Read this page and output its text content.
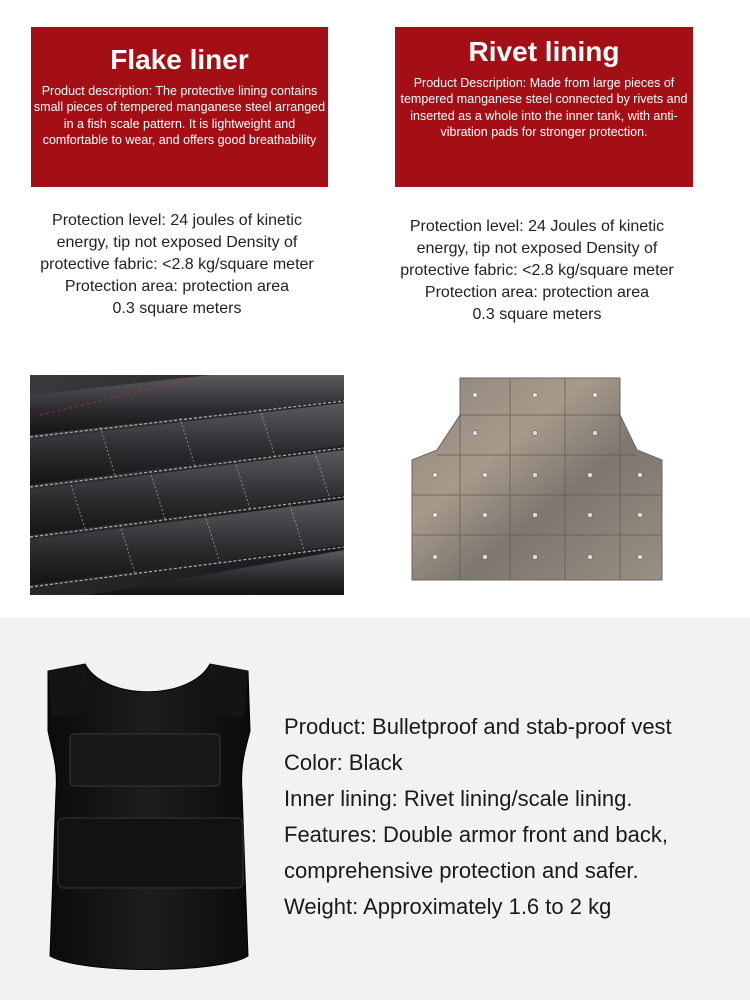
Flake liner
Product description: The protective lining contains small pieces of tempered manganese steel arranged in a fish scale pattern. It is lightweight and comfortable to wear, and offers good breathability
Rivet lining
Product Description: Made from large pieces of tempered manganese steel connected by rivets and inserted as a whole into the inner tank, with anti-vibration pads for stronger protection.
Protection level: 24 joules of kinetic
energy, tip not exposed Density of
protective fabric: <2.8 kg/square meter
Protection area: protection area
0.3 square meters
Protection level: 24 Joules of kinetic
energy, tip not exposed Density of
protective fabric: <2.8 kg/square meter
Protection area: protection area
0.3 square meters
Product: Bulletproof and stab-proof vest
Color: Black
Inner lining: Rivet lining/scale lining.
Features: Double armor front and back,
comprehensive protection and safer.
Weight: Approximately 1.6 to 2 kg
